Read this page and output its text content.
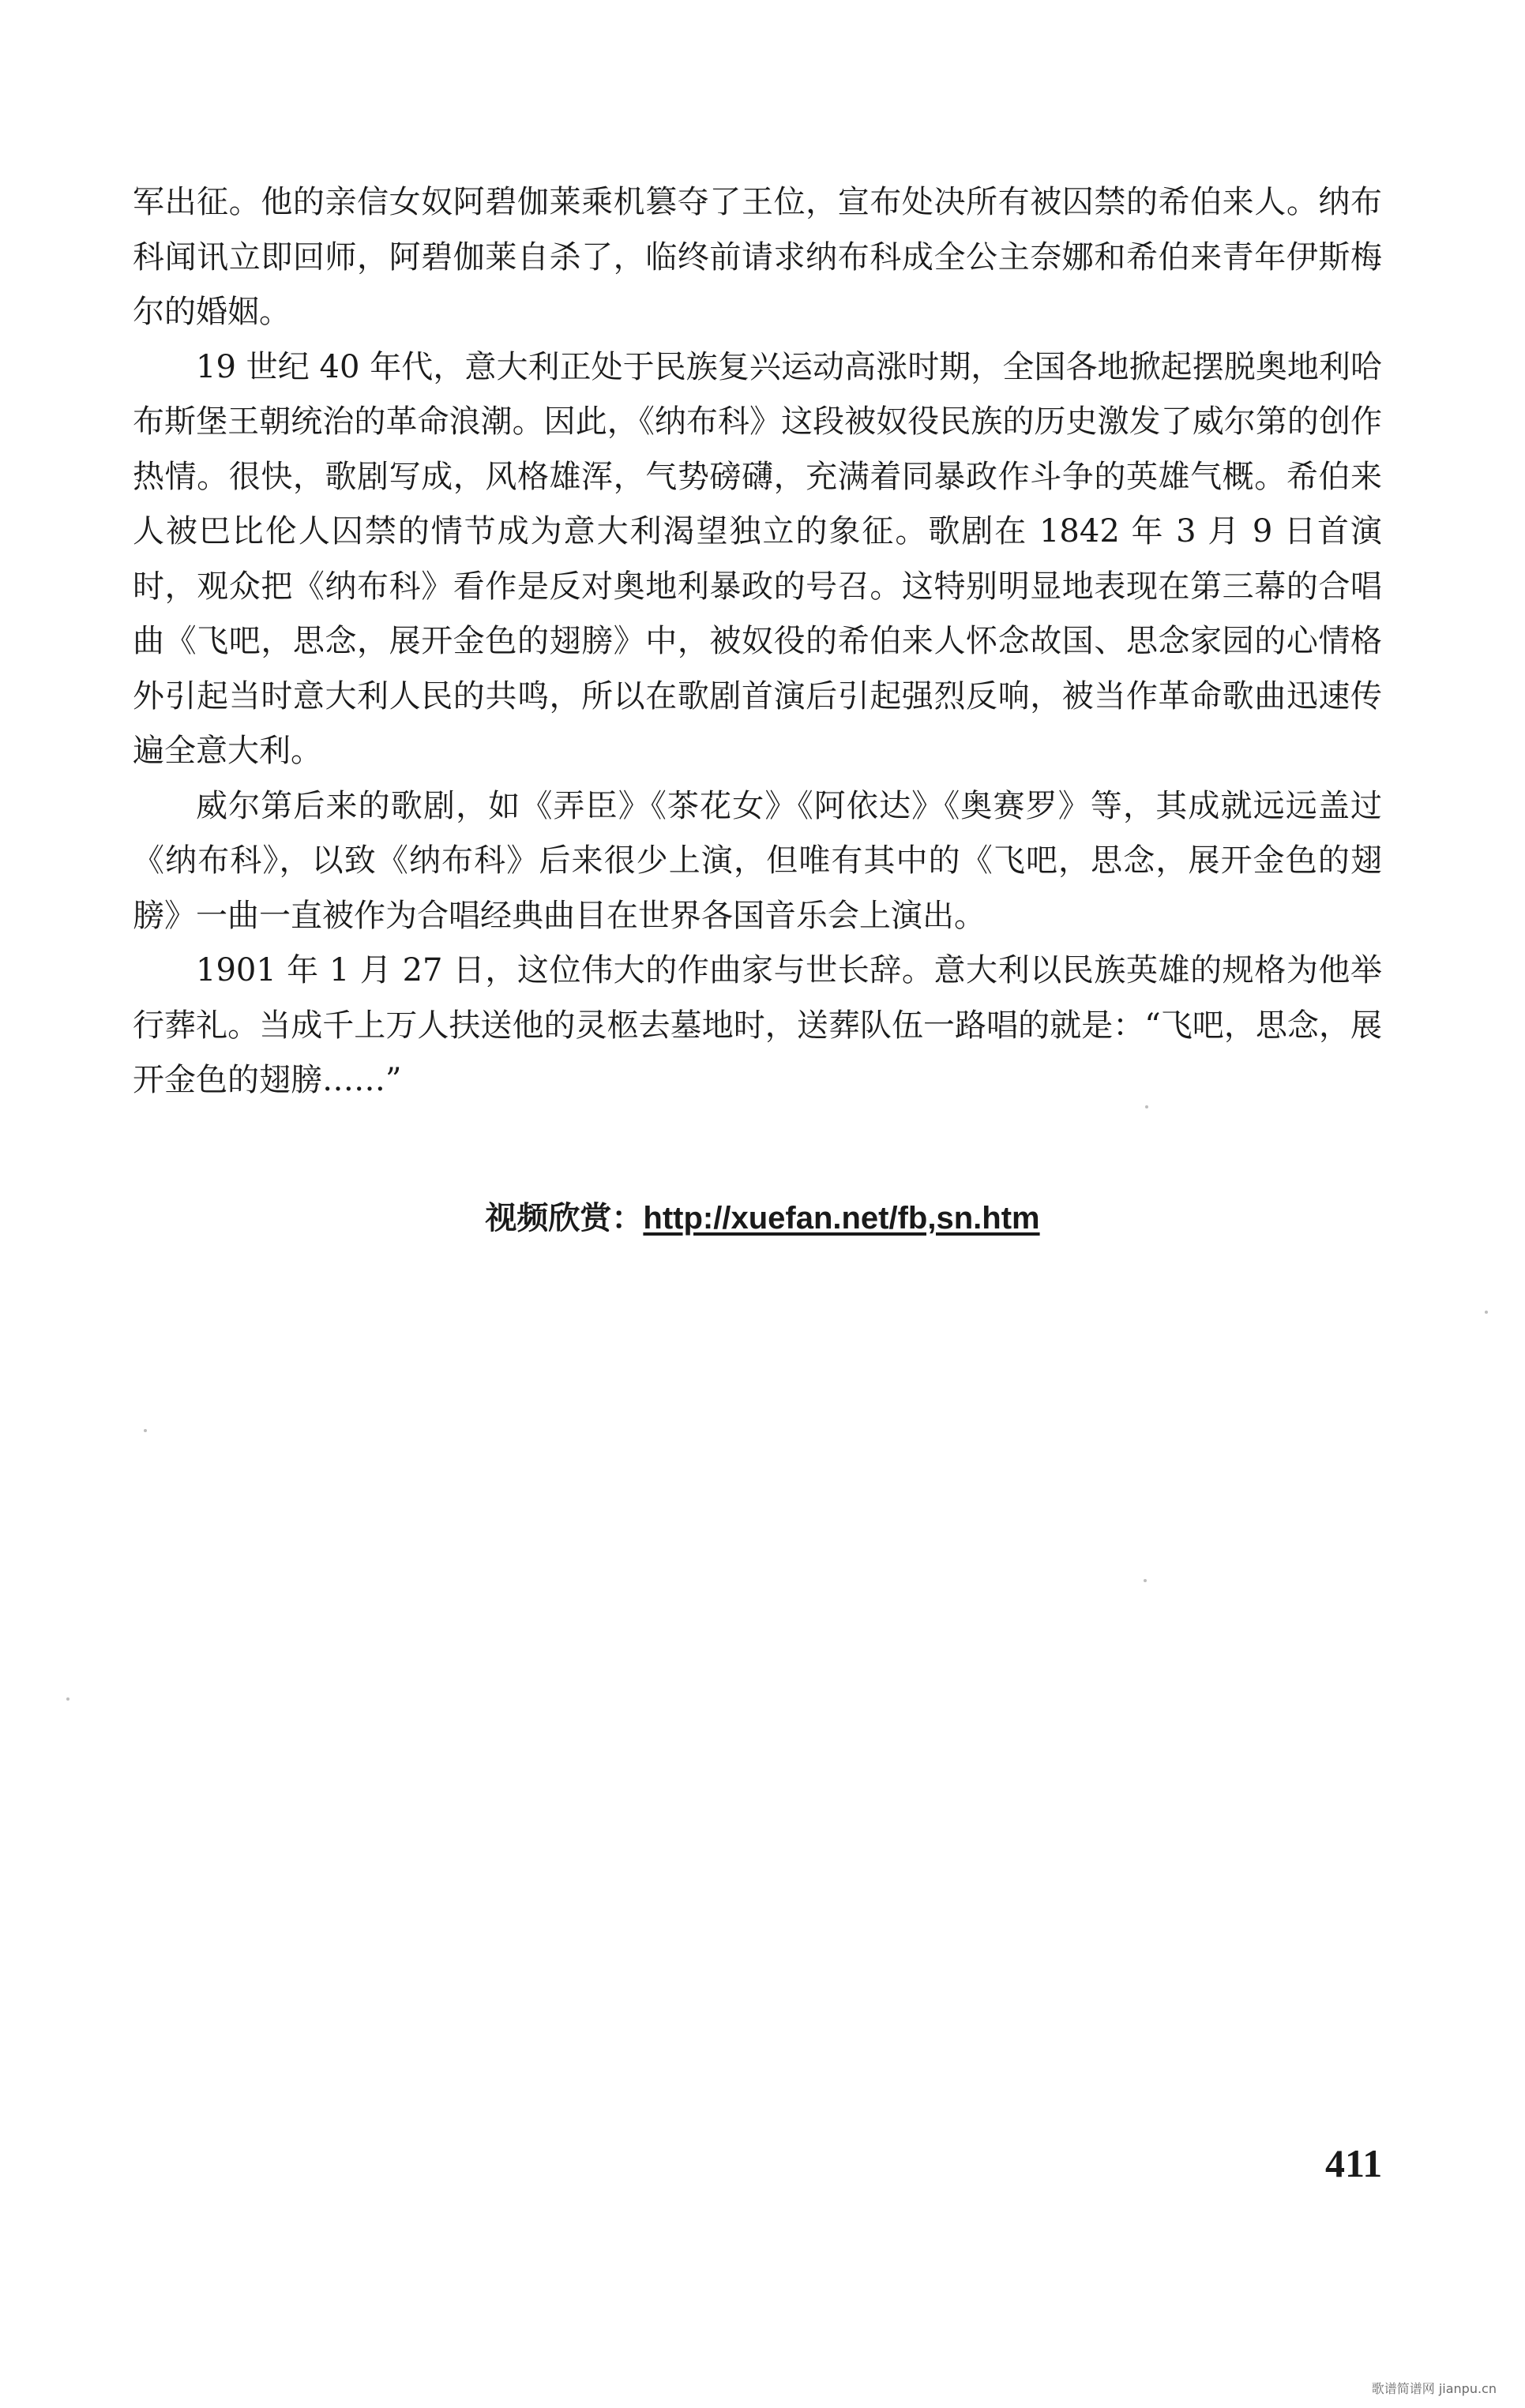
军出征。他的亲信女奴阿碧伽莱乘机篡夺了王位，宣布处决所有被囚禁的希伯来人。纳布科闻讯立即回师，阿碧伽莱自杀了，临终前请求纳布科成全公主奈娜和希伯来青年伊斯梅尔的婚姻。

19 世纪 40 年代，意大利正处于民族复兴运动高涨时期，全国各地掀起摆脱奥地利哈布斯堡王朝统治的革命浪潮。因此，《纳布科》这段被奴役民族的历史激发了威尔第的创作热情。很快，歌剧写成，风格雄浑，气势磅礴，充满着同暴政作斗争的英雄气概。希伯来人被巴比伦人囚禁的情节成为意大利渴望独立的象征。歌剧在 1842 年 3 月 9 日首演时，观众把《纳布科》看作是反对奥地利暴政的号召。这特别明显地表现在第三幕的合唱曲《飞吧，思念，展开金色的翅膀》中，被奴役的希伯来人怀念故国、思念家园的心情格外引起当时意大利人民的共鸣，所以在歌剧首演后引起强烈反响，被当作革命歌曲迅速传遍全意大利。

威尔第后来的歌剧，如《弄臣》《茶花女》《阿依达》《奥赛罗》等，其成就远远盖过《纳布科》，以致《纳布科》后来很少上演，但唯有其中的《飞吧，思念，展开金色的翅膀》一曲一直被作为合唱经典曲目在世界各国音乐会上演出。

1901 年 1 月 27 日，这位伟大的作曲家与世长辞。意大利以民族英雄的规格为他举行葬礼。当成千上万人扶送他的灵柩去墓地时，送葬队伍一路唱的就是：“飞吧，思念，展开金色的翅膀……”

视频欣赏：http://xuefan.net/fb,sn.htm
411
歌谱简谱网 jianpu.cn
